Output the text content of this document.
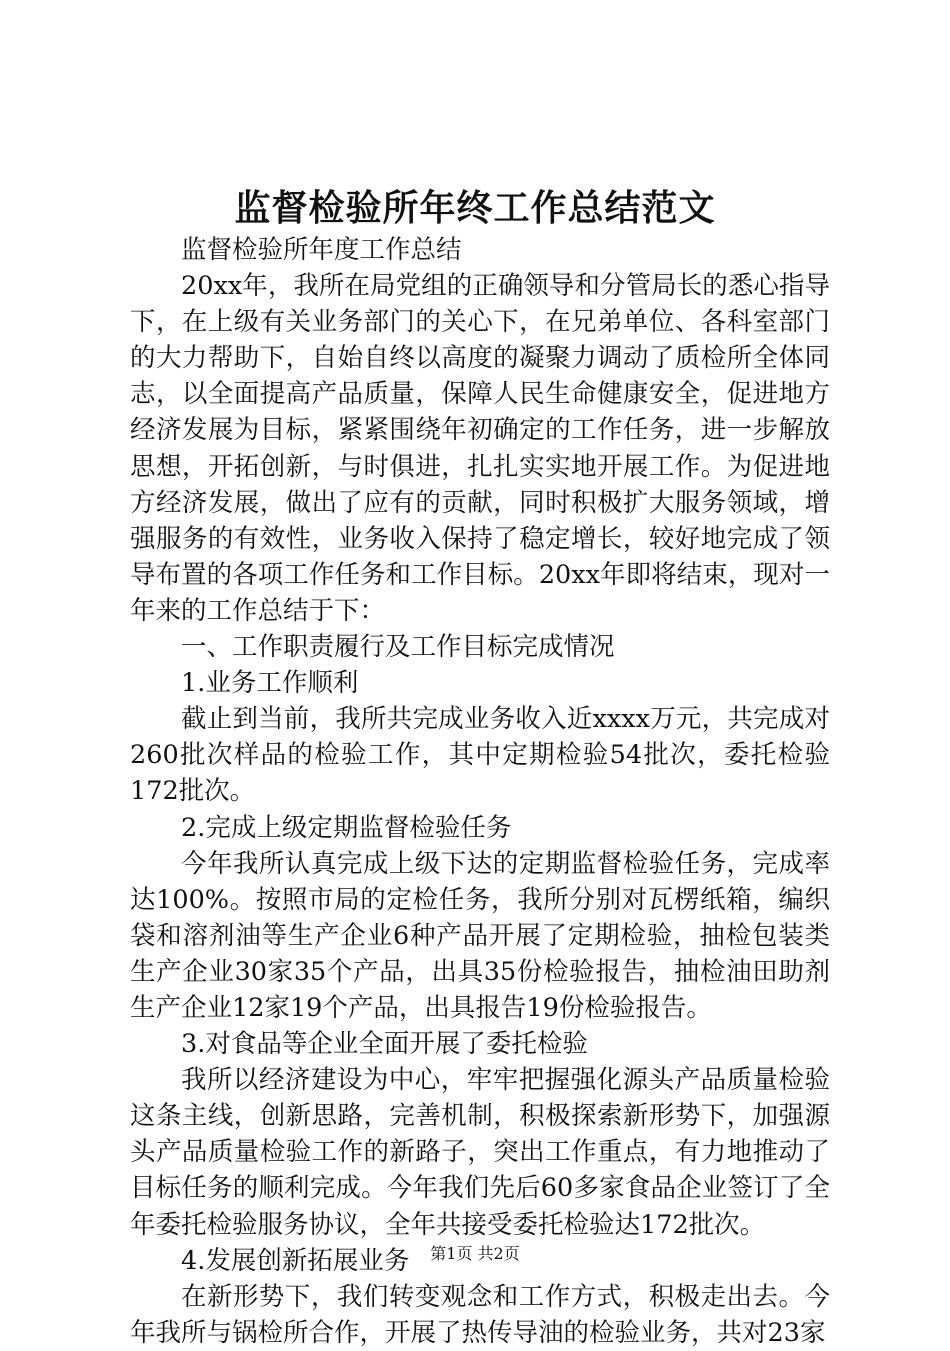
监督检验所年终工作总结范文

监督检验所年度工作总结

20xx年，我所在局党组的正确领导和分管局长的悉心指导下，在上级有关业务部门的关心下，在兄弟单位、各科室部门的大力帮助下，自始自终以高度的凝聚力调动了质检所全体同志，以全面提高产品质量，保障人民生命健康安全，促进地方经济发展为目标，紧紧围绕年初确定的工作任务，进一步解放思想，开拓创新，与时俱进，扎扎实实地开展工作。为促进地方经济发展，做出了应有的贡献，同时积极扩大服务领域，增强服务的有效性，业务收入保持了稳定增长，较好地完成了领导布置的各项工作任务和工作目标。20xx年即将结束，现对一年来的工作总结于下：

一、工作职责履行及工作目标完成情况

1.业务工作顺利

截止到当前，我所共完成业务收入近xxxx万元，共完成对260批次样品的检验工作，其中定期检验54批次，委托检验172批次。

2.完成上级定期监督检验任务

今年我所认真完成上级下达的定期监督检验任务，完成率达100%。按照市局的定检任务，我所分别对瓦楞纸箱，编织袋和溶剂油等生产企业6种产品开展了定期检验，抽检包装类生产企业30家35个产品，出具35份检验报告，抽检油田助剂生产企业12家19个产品，出具报告19份检验报告。

3.对食品等企业全面开展了委托检验

我所以经济建设为中心，牢牢把握强化源头产品质量检验这条主线，创新思路，完善机制，积极探索新形势下，加强源头产品质量检验工作的新路子，突出工作重点，有力地推动了目标任务的顺利完成。今年我们先后60多家食品企业签订了全年委托检验服务协议，全年共接受委托检验达172批次。

4.发展创新拓展业务

在新形势下，我们转变观念和工作方式，积极走出去。今年我所与锅检所合作，开展了热传导油的检验业务，共对23家

第1页 共2页
